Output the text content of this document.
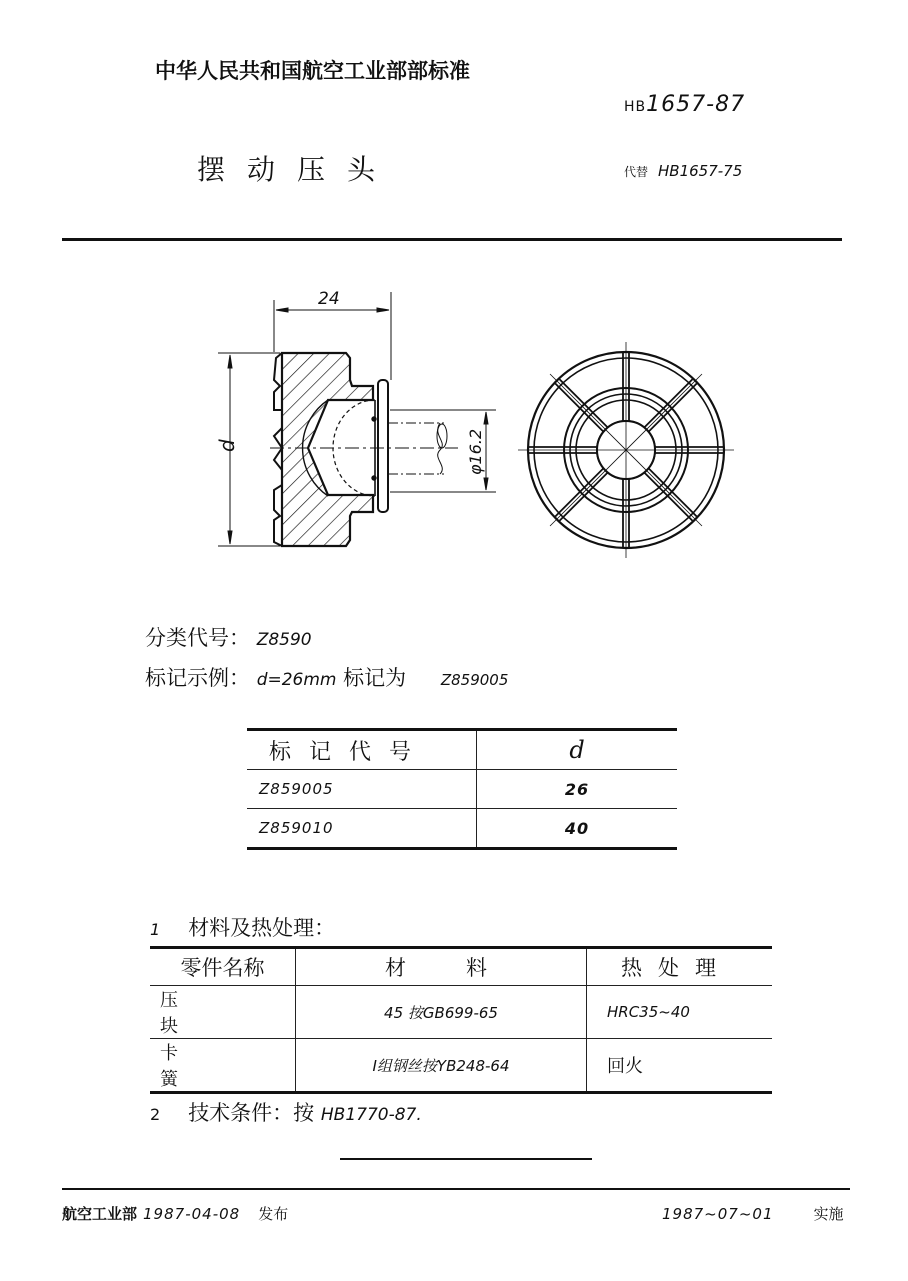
中华人民共和国航空工业部部标准
HB1657-87
摆动压头	代替 HB1657-75
24
d	φ16.2
分类代号： Z8590
标记示例： d=26mm 标记为 Z859005
标记代号	d
Z859005	26
Z859010	40
1 材料及热处理：
零件名称	材料	热处理
压块	45 按GB699-65	HRC35~40
卡簧	Ⅰ组钢丝按YB248-64	回火
2 技术条件：按 HB1770-87.
航空工业部 1987-04-08 发布	1987~07~01	实施
